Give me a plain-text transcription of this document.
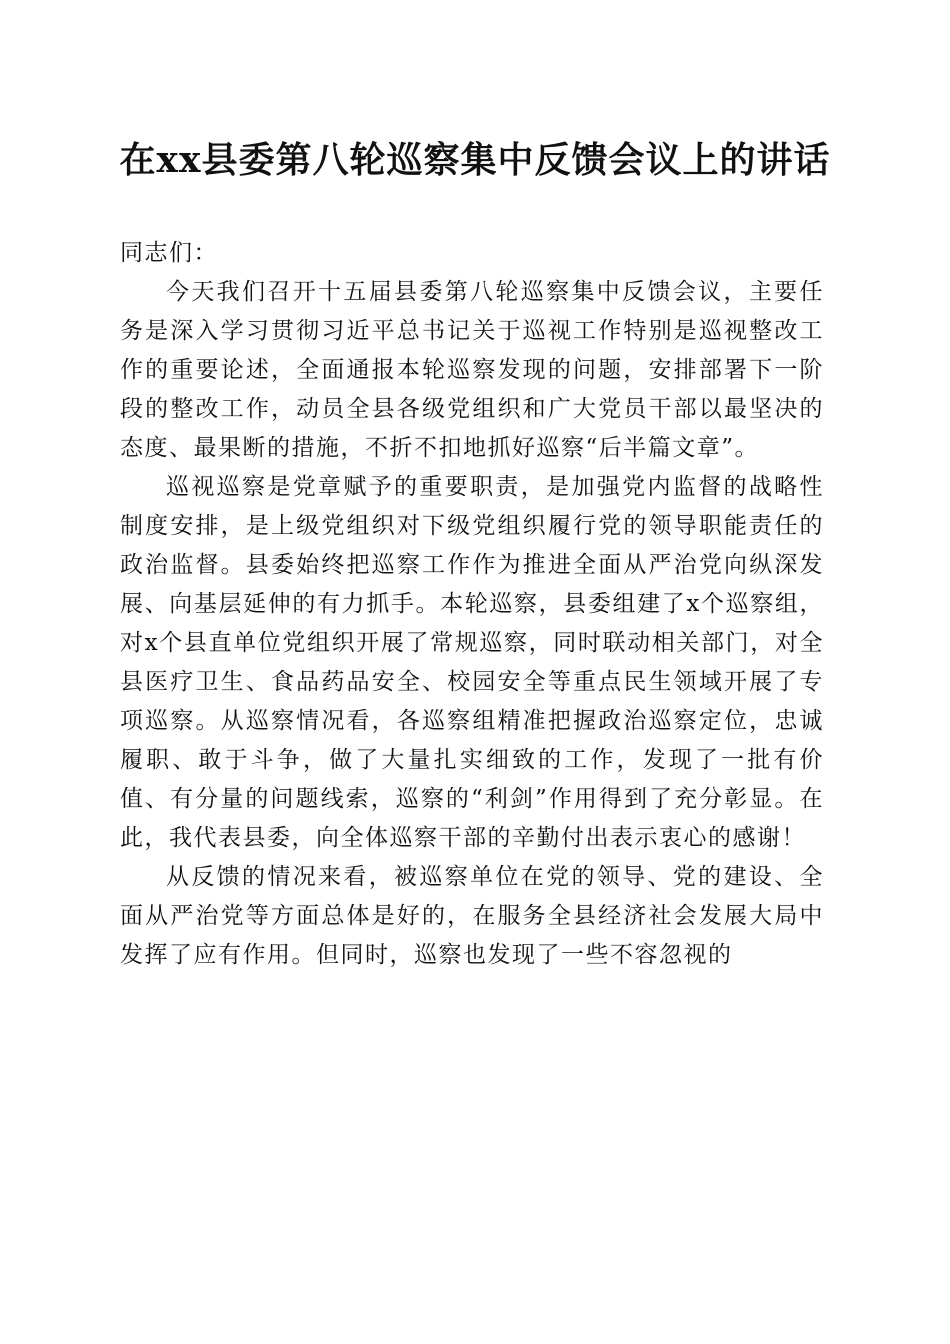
在xx县委第八轮巡察集中反馈会议上的讲话

同志们：

今天我们召开十五届县委第八轮巡察集中反馈会议，主要任务是深入学习贯彻习近平总书记关于巡视工作特别是巡视整改工作的重要论述，全面通报本轮巡察发现的问题，安排部署下一阶段的整改工作，动员全县各级党组织和广大党员干部以最坚决的态度、最果断的措施，不折不扣地抓好巡察“后半篇文章”。

巡视巡察是党章赋予的重要职责，是加强党内监督的战略性制度安排，是上级党组织对下级党组织履行党的领导职能责任的政治监督。县委始终把巡察工作作为推进全面从严治党向纵深发展、向基层延伸的有力抓手。本轮巡察，县委组建了x个巡察组，对x个县直单位党组织开展了常规巡察，同时联动相关部门，对全县医疗卫生、食品药品安全、校园安全等重点民生领域开展了专项巡察。从巡察情况看，各巡察组精准把握政治巡察定位，忠诚履职、敢于斗争，做了大量扎实细致的工作，发现了一批有价值、有分量的问题线索，巡察的“利剑”作用得到了充分彰显。在此，我代表县委，向全体巡察干部的辛勤付出表示衷心的感谢！

从反馈的情况来看，被巡察单位在党的领导、党的建设、全面从严治党等方面总体是好的，在服务全县经济社会发展大局中发挥了应有作用。但同时，巡察也发现了一些不容忽视的
